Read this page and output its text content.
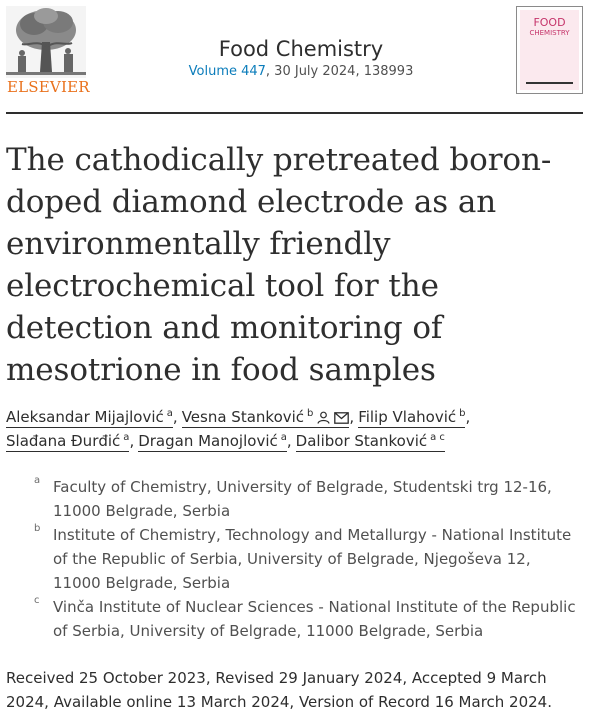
ELSEVIER
Food Chemistry
Volume 447, 30 July 2024, 138993
FOOD
CHEMISTRY
The cathodically pretreated boron-doped diamond electrode as an environmentally friendly electrochemical tool for the detection and monitoring of mesotrione in food samples
Aleksandar Mijajlović $^a$, Vesna Stanković $^b$ , Filip Vlahović $^b$,
Slađana Đurđić $^a$, Dragan Manojlović $^a$, Dalibor Stanković $^{a c}$
a Faculty of Chemistry, University of Belgrade, Studentski trg 12-16, 11000 Belgrade, Serbia
b Institute of Chemistry, Technology and Metallurgy - National Institute of the Republic of Serbia, University of Belgrade, Njegoševa 12, 11000 Belgrade, Serbia
c Vinča Institute of Nuclear Sciences - National Institute of the Republic of Serbia, University of Belgrade, 11000 Belgrade, Serbia
Received 25 October 2023, Revised 29 January 2024, Accepted 9 March 2024, Available online 13 March 2024, Version of Record 16 March 2024.
